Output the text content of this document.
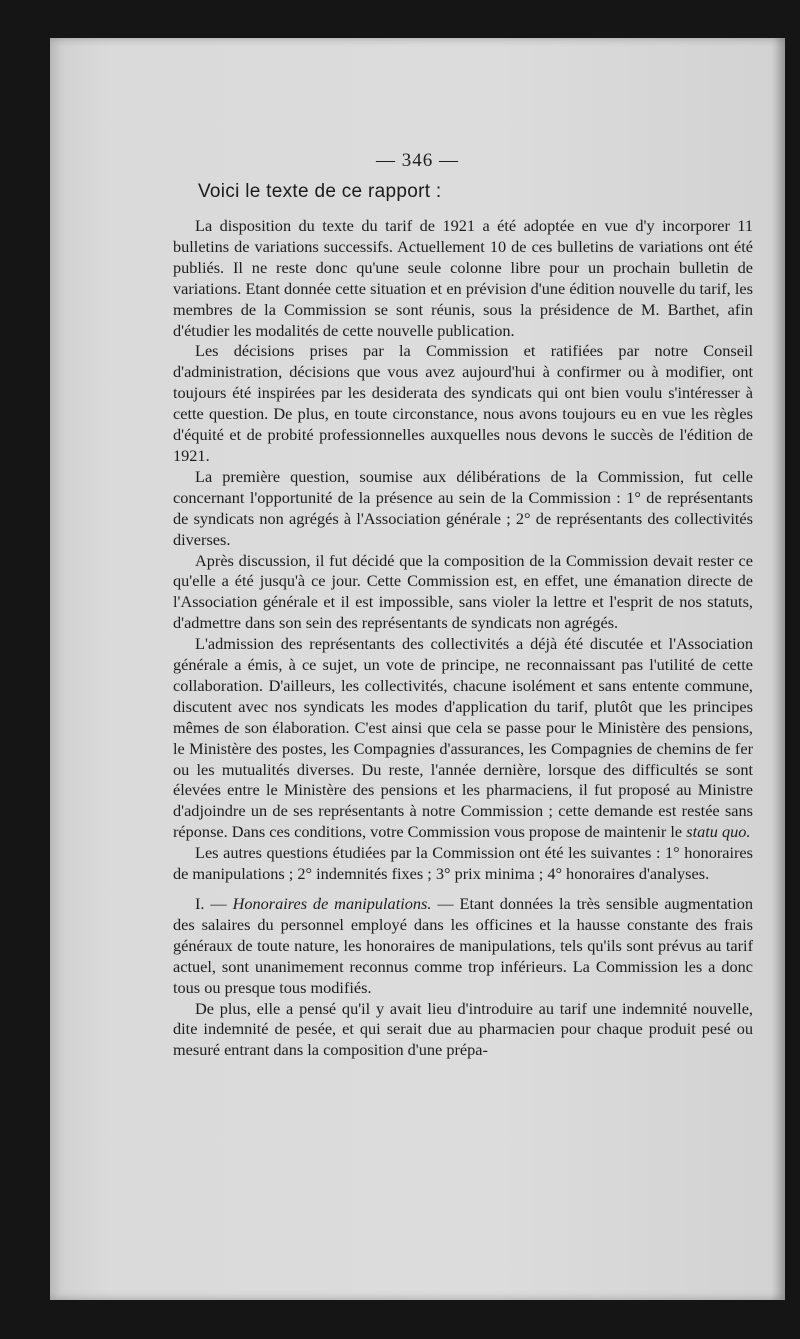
— 346 —
Voici le texte de ce rapport :

La disposition du texte du tarif de 1921 a été adoptée en vue d'y incorporer 11 bulletins de variations successifs. Actuellement 10 de ces bulletins de variations ont été publiés. Il ne reste donc qu'une seule colonne libre pour un prochain bulletin de variations. Etant donnée cette situation et en prévision d'une édition nouvelle du tarif, les membres de la Commission se sont réunis, sous la présidence de M. Barthet, afin d'étudier les modalités de cette nouvelle publication.

Les décisions prises par la Commission et ratifiées par notre Conseil d'administration, décisions que vous avez aujourd'hui à confirmer ou à modifier, ont toujours été inspirées par les desiderata des syndicats qui ont bien voulu s'intéresser à cette question. De plus, en toute circonstance, nous avons toujours eu en vue les règles d'équité et de probité professionnelles auxquelles nous devons le succès de l'édition de 1921.

La première question, soumise aux délibérations de la Commission, fut celle concernant l'opportunité de la présence au sein de la Commission : 1° de représentants de syndicats non agrégés à l'Association générale ; 2° de représentants des collectivités diverses.

Après discussion, il fut décidé que la composition de la Commission devait rester ce qu'elle a été jusqu'à ce jour. Cette Commission est, en effet, une émanation directe de l'Association générale et il est impossible, sans violer la lettre et l'esprit de nos statuts, d'admettre dans son sein des représentants de syndicats non agrégés.

L'admission des représentants des collectivités a déjà été discutée et l'Association générale a émis, à ce sujet, un vote de principe, ne reconnaissant pas l'utilité de cette collaboration. D'ailleurs, les collectivités, chacune isolément et sans entente commune, discutent avec nos syndicats les modes d'application du tarif, plutôt que les principes mêmes de son élaboration. C'est ainsi que cela se passe pour le Ministère des pensions, le Ministère des postes, les Compagnies d'assurances, les Compagnies de chemins de fer ou les mutualités diverses. Du reste, l'année dernière, lorsque des difficultés se sont élevées entre le Ministère des pensions et les pharmaciens, il fut proposé au Ministre d'adjoindre un de ses représentants à notre Commission ; cette demande est restée sans réponse. Dans ces conditions, votre Commission vous propose de maintenir le statu quo.

Les autres questions étudiées par la Commission ont été les suivantes : 1° honoraires de manipulations ; 2° indemnités fixes ; 3° prix minima ; 4° honoraires d'analyses.

I. — Honoraires de manipulations. — Etant données la très sensible augmentation des salaires du personnel employé dans les officines et la hausse constante des frais généraux de toute nature, les honoraires de manipulations, tels qu'ils sont prévus au tarif actuel, sont unanimement reconnus comme trop inférieurs. La Commission les a donc tous ou presque tous modifiés.

De plus, elle a pensé qu'il y avait lieu d'introduire au tarif une indemnité nouvelle, dite indemnité de pesée, et qui serait due au pharmacien pour chaque produit pesé ou mesuré entrant dans la composition d'une prépa-
